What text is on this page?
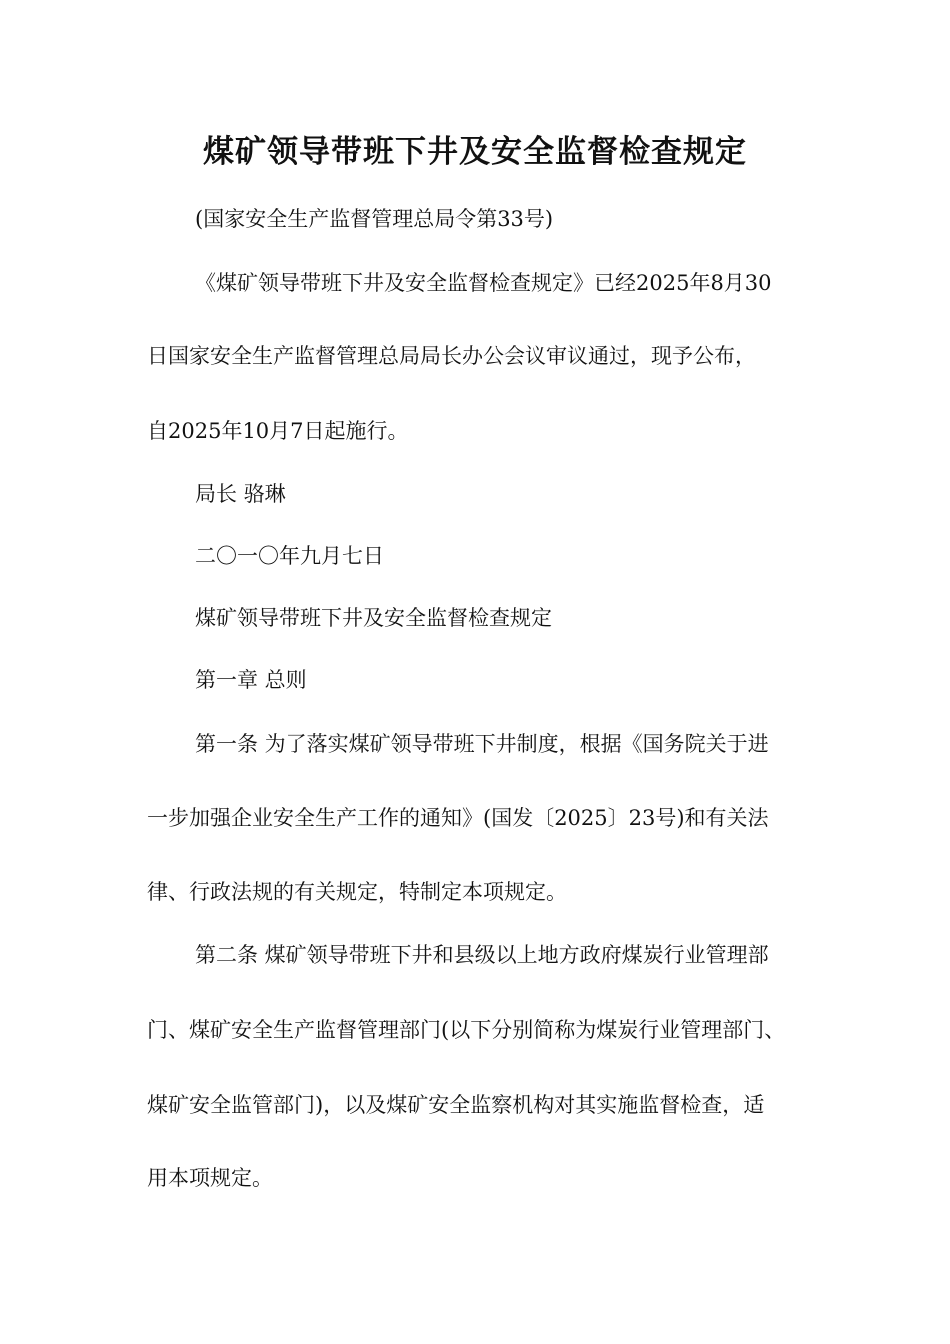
煤矿领导带班下井及安全监督检查规定
(国家安全生产监督管理总局令第33号)
《煤矿领导带班下井及安全监督检查规定》已经2025年8月30
日国家安全生产监督管理总局局长办公会议审议通过，现予公布，
自2025年10月7日起施行。
局长 骆琳
二〇一〇年九月七日
煤矿领导带班下井及安全监督检查规定
第一章 总则
第一条 为了落实煤矿领导带班下井制度，根据《国务院关于进
一步加强企业安全生产工作的通知》(国发〔2025〕23号)和有关法
律、行政法规的有关规定，特制定本项规定。
第二条 煤矿领导带班下井和县级以上地方政府煤炭行业管理部
门、煤矿安全生产监督管理部门(以下分别简称为煤炭行业管理部门、
煤矿安全监管部门)，以及煤矿安全监察机构对其实施监督检查，适
用本项规定。
